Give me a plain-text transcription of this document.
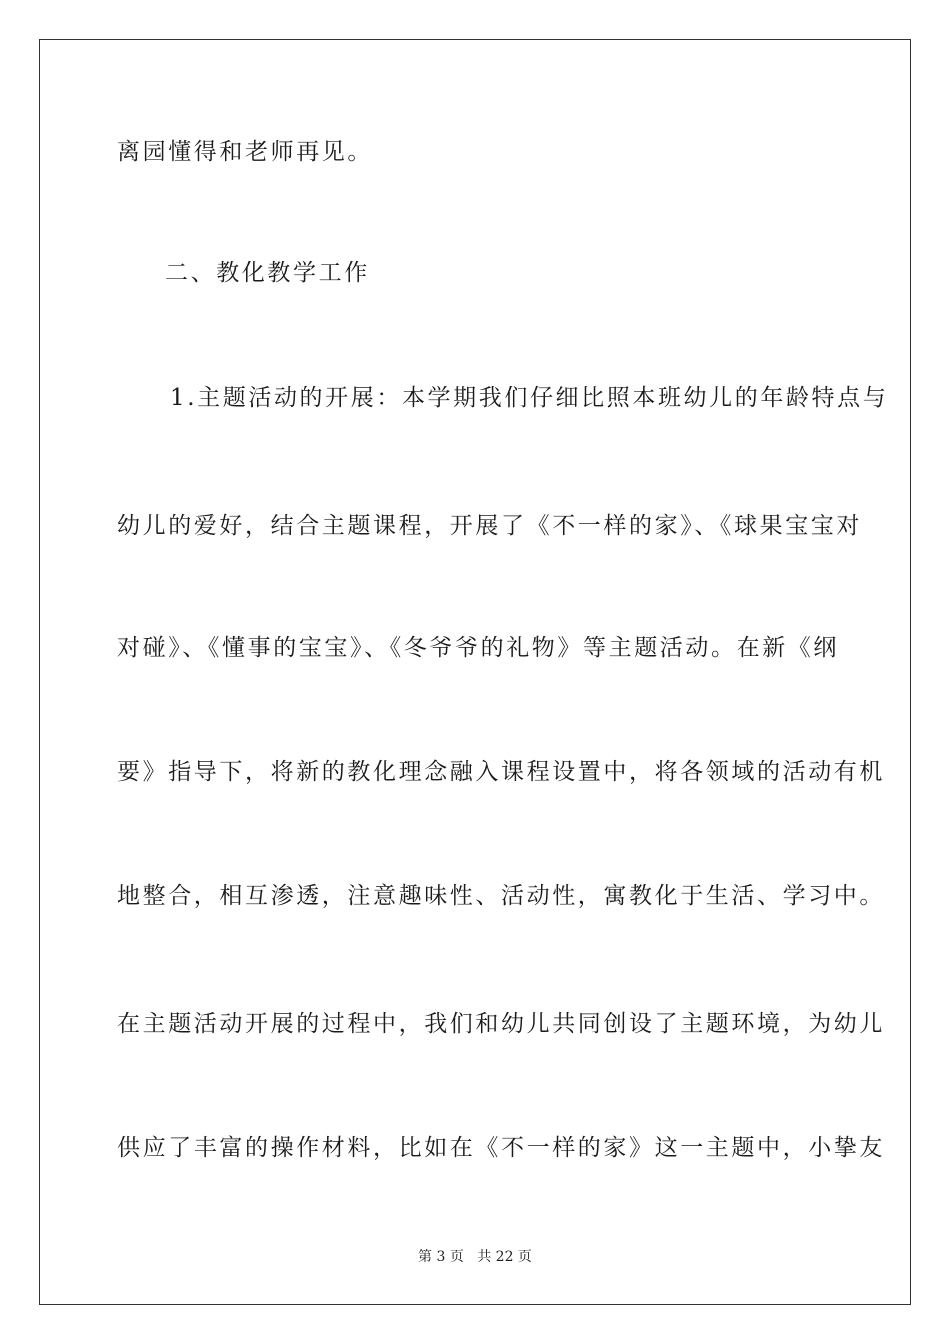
离园懂得和老师再见。
二、教化教学工作
1.主题活动的开展：本学期我们仔细比照本班幼儿的年龄特点与
幼儿的爱好，结合主题课程，开展了《不一样的家》、《球果宝宝对
对碰》、《懂事的宝宝》、《冬爷爷的礼物》等主题活动。在新《纲
要》指导下，将新的教化理念融入课程设置中，将各领域的活动有机
地整合，相互渗透，注意趣味性、活动性，寓教化于生活、学习中。
在主题活动开展的过程中，我们和幼儿共同创设了主题环境，为幼儿
供应了丰富的操作材料，比如在《不一样的家》这一主题中，小挚友
第 3 页 共 22 页
